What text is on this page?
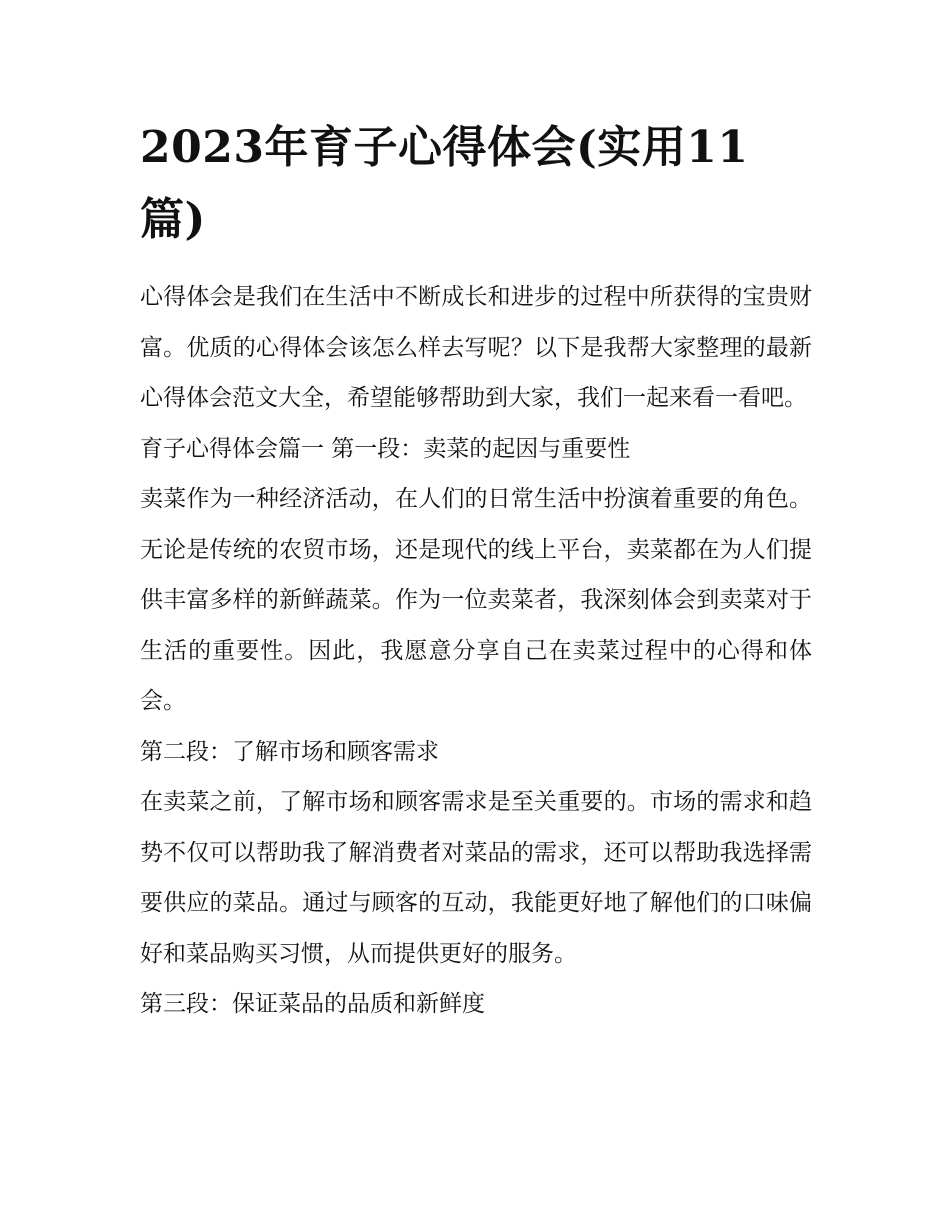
2023年育子心得体会(实用11篇)

心得体会是我们在生活中不断成长和进步的过程中所获得的宝贵财富。优质的心得体会该怎么样去写呢？以下是我帮大家整理的最新心得体会范文大全，希望能够帮助到大家，我们一起来看一看吧。

育子心得体会篇一 第一段：卖菜的起因与重要性

卖菜作为一种经济活动，在人们的日常生活中扮演着重要的角色。无论是传统的农贸市场，还是现代的线上平台，卖菜都在为人们提供丰富多样的新鲜蔬菜。作为一位卖菜者，我深刻体会到卖菜对于生活的重要性。因此，我愿意分享自己在卖菜过程中的心得和体会。

第二段：了解市场和顾客需求

在卖菜之前，了解市场和顾客需求是至关重要的。市场的需求和趋势不仅可以帮助我了解消费者对菜品的需求，还可以帮助我选择需要供应的菜品。通过与顾客的互动，我能更好地了解他们的口味偏好和菜品购买习惯，从而提供更好的服务。

第三段：保证菜品的品质和新鲜度
